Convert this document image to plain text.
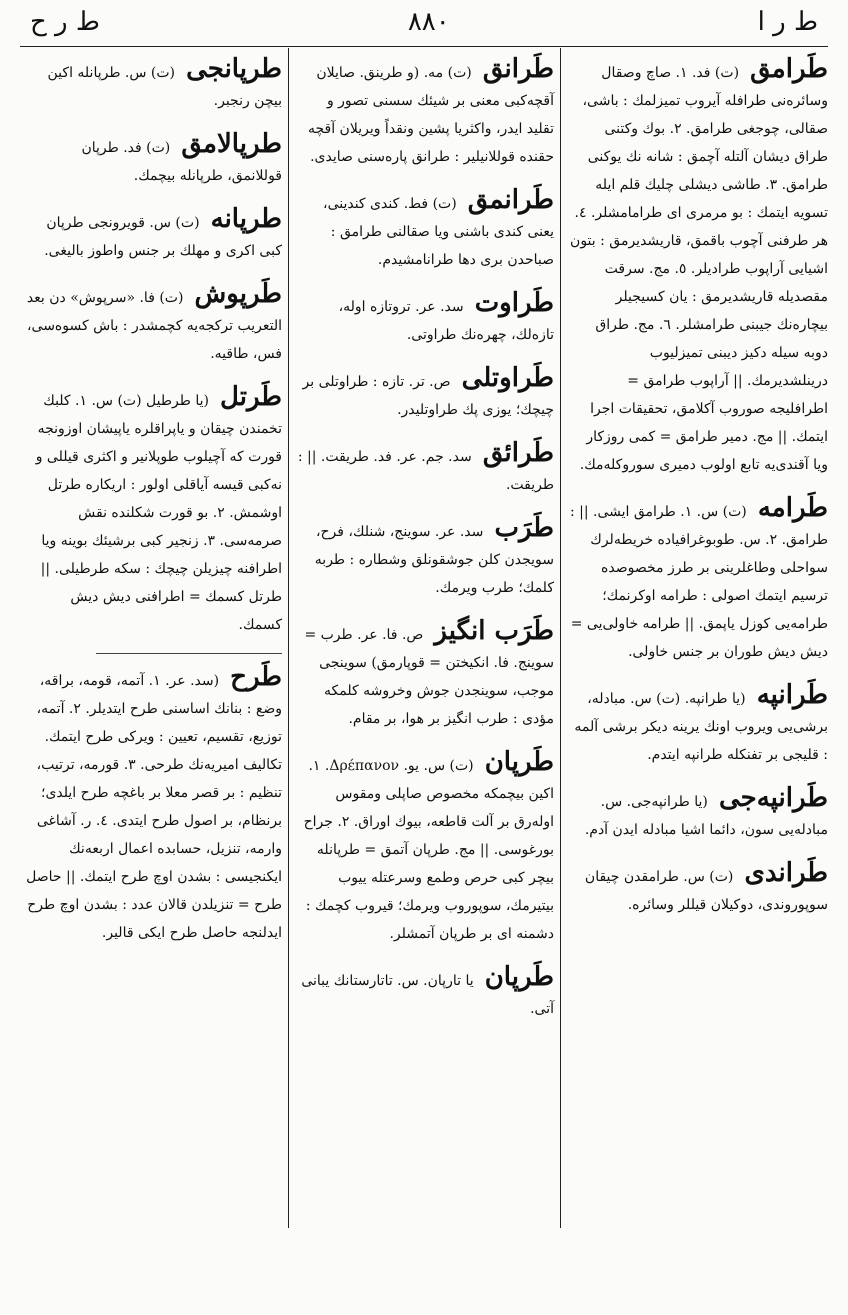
ط ر ح	٨٨٠	ط ر ا
طَرامق (ت) فد. ١. صاچ وصقال وسائره‌نی طرافله آیروب تمیزلمك : باشی، صقالی، چوجغی طرامق. ٢. بوك وکتنی طراق دیشان آلتله آچمق : شانه نك یوکنی طرامق. ٣. طاشی دیشلی چلیك قلم ایله تسویه ایتمك : بو مرمری ای طرامامشلر. ٤. هر طرفنی آچوب باقمق، قاریشدیرمق : بتون اشیایی آراپوب طرادیلر. ٥. مج. سرقت مقصدیله قاریشدیرمق : یان کسیجیلر بیچاره‌نك جیبنی طرامشلر. ٦. مج. طراق دوبه سیله دکیز دیبنی تمیزلیوب درینلشدیرمك. || آراپوب طرامق = اطرافلیجه صوروب آکلامق، تحقیقات اجرا ایتمك. || مج. دمیر طرامق = کمی روزکار ویا آقندی‌یه تابع اولوب دمیری سوروکله‌مك.
طَرامه (ت) س. ١. طرامق ایشی. || : طرامق. ٢. س. طوبوغرافیاده خریطه‌لرك سواحلی وطاغلرینی بر طرز مخصوصده ترسیم ایتمك اصولی : طرامه اوکرنمك؛ طرامه‌یی کوزل یاپمق. || طرامه خاولی‌یی = دیش دیش طوران بر جنس خاولی.
طَرانپه (یا طرانپه. (ت) س. مبادله، برشی‌یی ویروب اونك یرینه دیکر برشی آلمه : قلیجی بر تفنکله طرانپه ایتدم.
طَرانپه‌جی (یا طرانپه‌جی. س. مبادله‌یی سون، دائما اشیا مبادله ایدن آدم.
طَراندی (ت) س. طرامقدن چیقان سوپوروندی، دوکیلان قیللر وسائره.
طَرانق (ت) مه. (و طرینق. صایلان آقچه‌کبی معنی بر شیئك سسنی تصور و تقلید ایدر، واکثریا پشین ونقداً ویریلان آقچه حقنده قوللانیلیر : طرانق پاره‌سنی صایدی.
طَرانمق (ت) فط. کندی کندینی، یعنی کندی باشنی ویا صقالنی طرامق : صباحدن بری دها طرانامشیدم.
طَراوت سد. عر. تروتازه اوله، تازه‌لك، چهره‌نك طراوتی.
طَراوتلی ص. تر. تازه : طراوتلی بر چیچك؛ یوزی پك طراوتلیدر.
طَرائق سد. جم. عر. فد. طریقت. || : طریقت.
طَرَب سد. عر. سوینج، شنلك، فرح، سویجدن کلن جوشقونلق وشطاره : طربه کلمك؛ طرب ویرمك.
طَرَب انگیز ص. فا. عر. طرب = سوینج. فا. انکیختن = قوپارمق) سوینجی موجب، سوینجدن جوش وخروشه کلمکه مؤدی : طرب انگیز بر هوا، بر مقام.
طَرپان (ت) س. یو. Δρέπανον. ١. اکین بیچمکه مخصوص صاپلی ومقوس اوله‌رق بر آلت قاطعه، بیوك اوراق. ٢. جراح بورغوسی. || مج. طرپان آتمق = طرپانله بیچر کبی حرص وطمع وسرعتله ییوب بیتیرمك، سوپوروب ویرمك؛ قیروب کچمك : دشمنه ای بر طرپان آتمشلر.
طَرپان یا تارپان. س. تاتارستانك یبانی آتی.
طرپانجی (ت) س. طرپانله اکین بیچن رنجبر.
طرپالامق (ت) فد. طرپان قوللانمق، طرپانله بیچمك.
طرپانه (ت) س. قویرونجی طرپان کبی اکری و مهلك بر جنس واطوز بالیغی.
طَرپوش (ت) فا. «سرپوش» دن بعد التعریب ترکجه‌یه کچمشدر : باش کسوه‌سی، فس، طاقیه.
طَرتل (یا طرطیل (ت) س. ١. کلبك تخمندن چیقان و یاپراقلره یاپیشان اوزونجه قورت که آچیلوب طوپلانیر و اکثری قیللی و نه‌کبی قیسه آیاقلی اولور : اریکاره طرتل اوشمش. ٢. بو قورت شکلنده نقش صرمه‌سی. ٣. زنجیر کبی برشیئك بوینه ویا اطرافنه چیزیلن چیچك : سکه طرطیلی. || طرتل کسمك = اطرافنی دیش دیش کسمك.
طَرح (سد. عر. ١. آتمه، قومه، براقه، وضع : بنانك اساسنی طرح ایتدیلر. ٢. آتمه، توزیع، تقسیم، تعیین : ویرکی طرح ایتمك. تکالیف امیریه‌نك طرحی. ٣. قورمه، ترتیب، تنظیم : بر قصر معلا بر باغچه طرح ایلدی؛ برنظام، بر اصول طرح ایتدی. ٤. ر. آشاغی وارمه، تنزیل، حسابده اعمال اربعه‌نك ایکنجیسی : بشدن اوچ طرح ایتمك. || حاصل طرح = تنزیلدن قالان عدد : بشدن اوچ طرح ایدلنجه حاصل طرح ایکی قالیر.
